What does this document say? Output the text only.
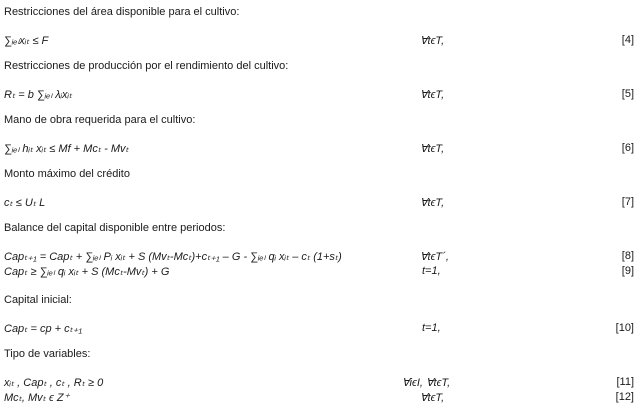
Restricciones del área disponible para el cultivo:
∑ᵢₑₗxᵢₜ ≤ F	∀tϵT,	[4]
Restricciones de producción por el rendimiento del cultivo:
Rₜ = b ∑ᵢₑₗ λᵢxᵢₜ	∀tϵT,	[5]
Mano de obra requerida para el cultivo:
∑ᵢₑₗ hᵢₜ xᵢₜ ≤ Mf + Mcₜ - Mvₜ	∀tϵT,	[6]
Monto máximo del crédito
cₜ ≤ Uₜ L	∀tϵT,	[7]
Balance del capital disponible entre periodos:
Capₜ₊₁ = Capₜ + ∑ᵢₑₗ Pᵢ xᵢₜ + S (Mvₜ-Mcₜ)+cₜ₊₁ – G - ∑ᵢₑₗ qᵢ xᵢₜ – cₜ (1+sₜ)	∀tϵT´,	[8]
Capₜ ≥ ∑ᵢₑₗ qᵢ xᵢₜ + S (Mcₜ-Mvₜ) + G	t=1,	[9]
Capital inicial:
Capₜ = cp + cₜ₊₁	t=1,	[10]
Tipo de variables:
xᵢₜ , Capₜ , cₜ , Rₜ ≥ 0	∀iϵI, ∀tϵT,	[11]
Mcₜ, Mvₜ ϵ Z⁺	∀tϵT,	[12]
